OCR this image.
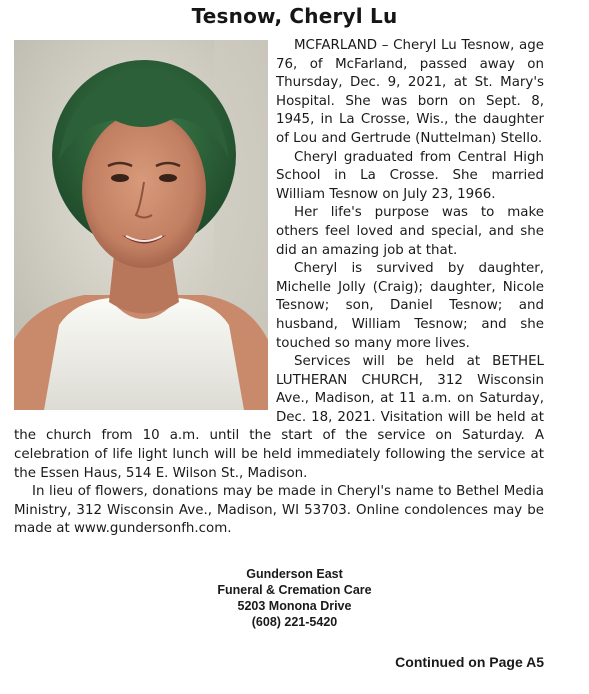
Tesnow, Cheryl Lu

MCFARLAND – Cheryl Lu Tesnow, age 76, of McFarland, passed away on Thursday, Dec. 9, 2021, at St. Mary's Hospital. She was born on Sept. 8, 1945, in La Crosse, Wis., the daughter of Lou and Gertrude (Nuttelman) Stello.

Cheryl graduated from Central High School in La Crosse. She married William Tesnow on July 23, 1966.

Her life's purpose was to make others feel loved and special, and she did an amazing job at that.

Cheryl is survived by daughter, Michelle Jolly (Craig); daughter, Nicole Tesnow; son, Daniel Tesnow; and husband, William Tesnow; and she touched so many more lives.

Services will be held at BETHEL LUTHERAN CHURCH, 312 Wisconsin Ave., Madison, at 11 a.m. on Saturday, Dec. 18, 2021. Visitation will be held at the church from 10 a.m. until the start of the service on Saturday. A celebration of life light lunch will be held immediately following the service at the Essen Haus, 514 E. Wilson St., Madison.

In lieu of flowers, donations may be made in Cheryl's name to Bethel Media Ministry, 312 Wisconsin Ave., Madison, WI 53703. Online condolences may be made at www.gundersonfh.com.

Gunderson East
Funeral & Cremation Care
5203 Monona Drive
(608) 221-5420
Continued on Page A5
